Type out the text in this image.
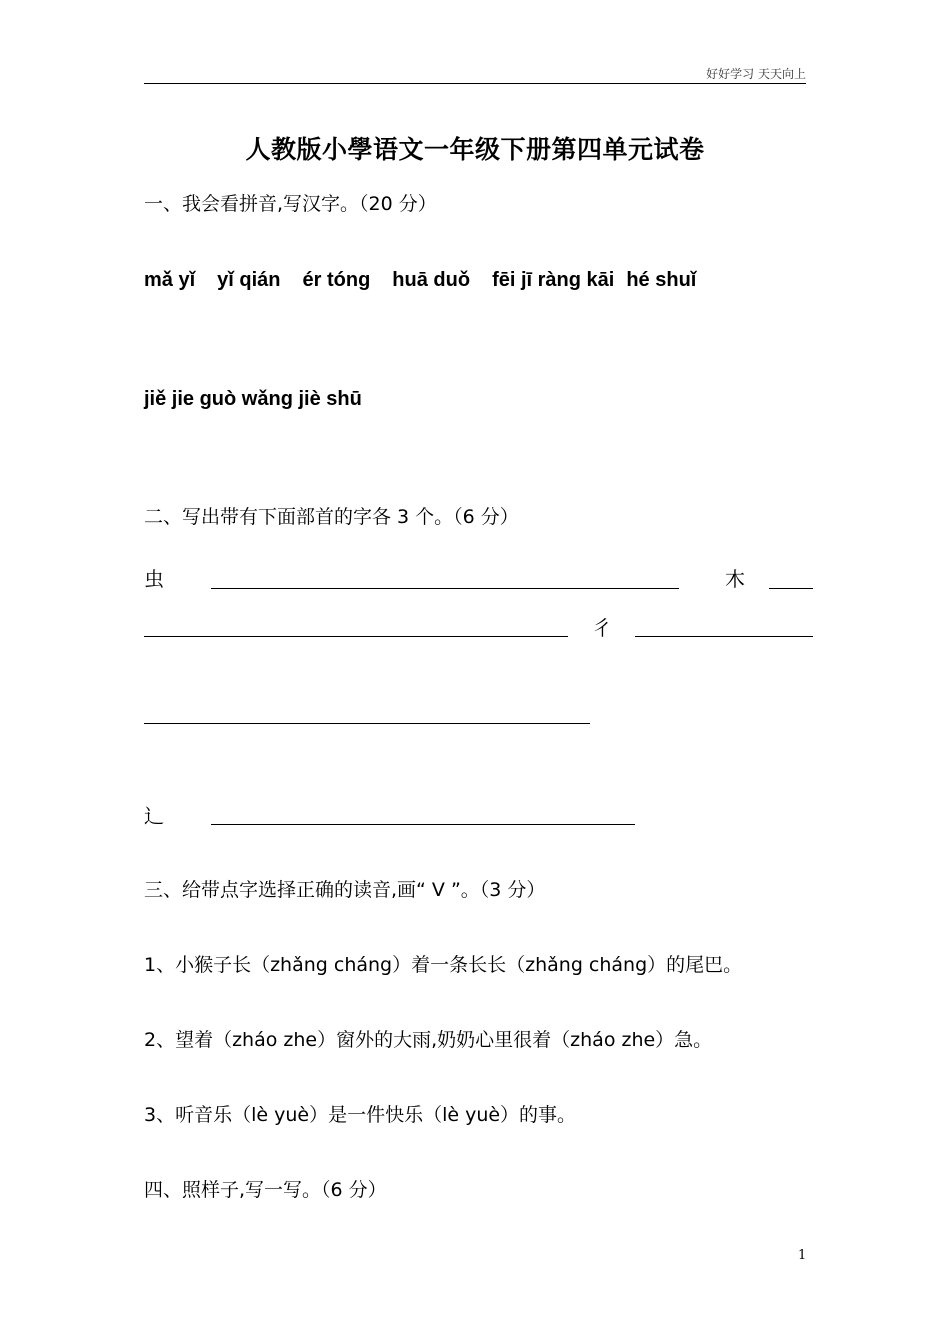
好好学习 天天向上
人教版小學语文一年级下册第四单元试卷
一、我会看拼音,写汉字。（20 分）
mǎ yǐ yǐ qián ér tóng huā duǒ fēi jī ràng kāi hé shuǐ
jiě jie guò wǎng jiè shū
二、写出带有下面部首的字各 3 个。（6 分）
虫	木
彳
辶
三、给带点字选择正确的读音,画“ V ”。（3 分）
1、小猴子长（zhǎng cháng）着一条长长（zhǎng cháng）的尾巴。
2、望着（zháo zhe）窗外的大雨,奶奶心里很着（zháo zhe）急。
3、听音乐（lè yuè）是一件快乐（lè yuè）的事。
四、照样子,写一写。（6 分）
1
